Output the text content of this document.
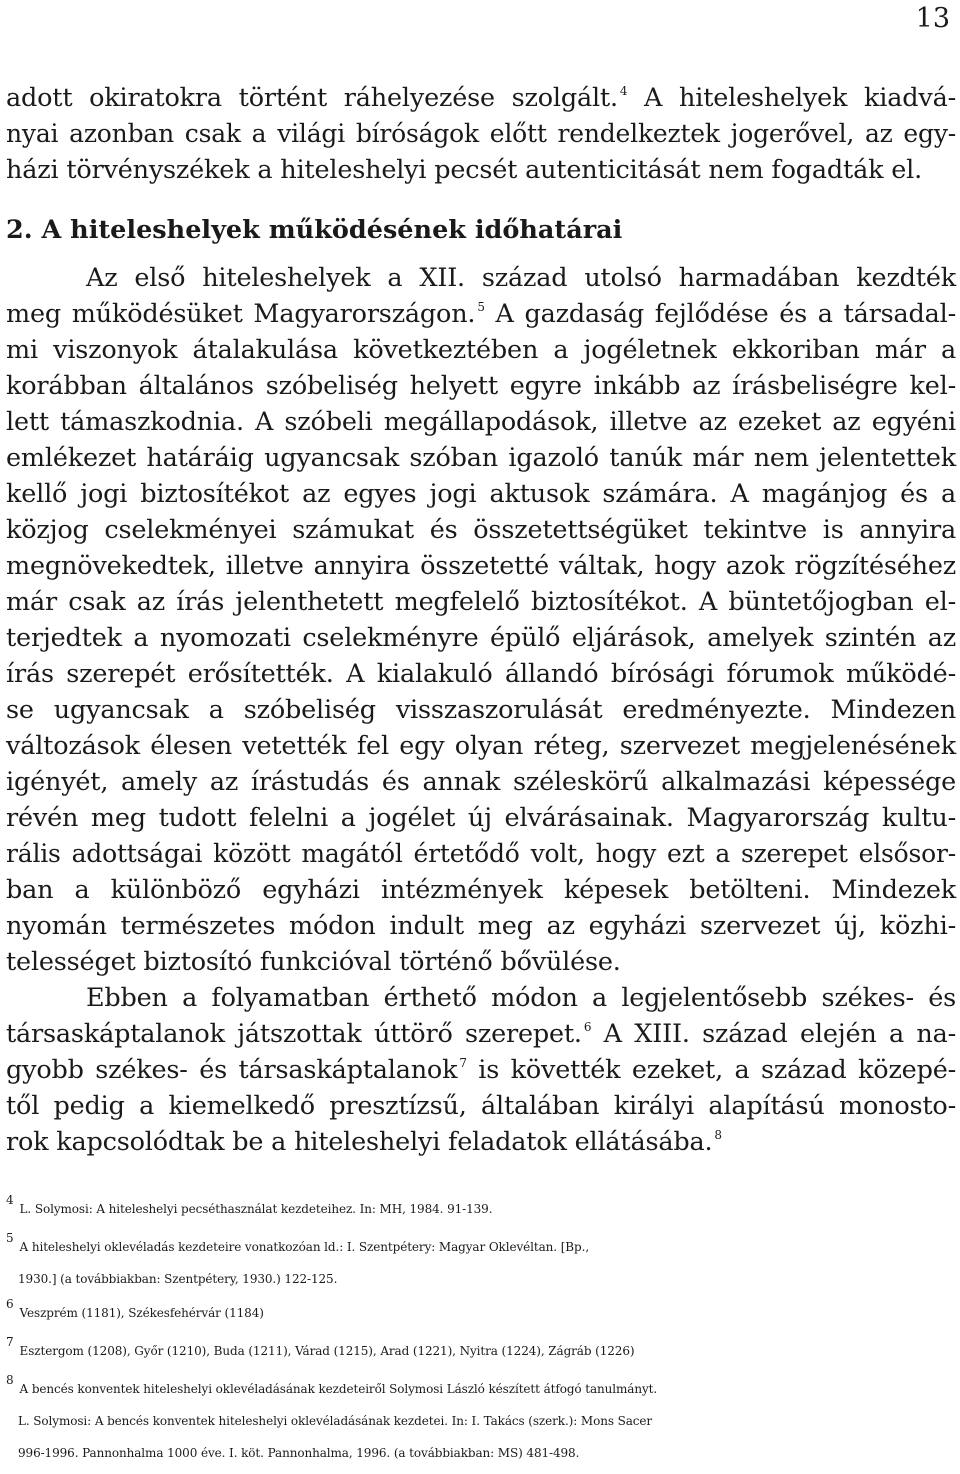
13
adott okiratokra történt ráhelyezése szolgált. $^4$ A hiteleshelyek kiadvá-
nyai azonban csak a világi bíróságok előtt rendelkeztek jogerővel, az egy-
házi törvényszékek a hiteleshelyi pecsét autenticitását nem fogadták el.
2. A hiteleshelyek működésének időhatárai
Az első hiteleshelyek a XII. század utolsó harmadában kezdték
meg működésüket Magyarországon. $^5$ A gazdaság fejlődése és a társadal-
mi viszonyok átalakulása következtében a jogéletnek ekkoriban már a
korábban általános szóbeliség helyett egyre inkább az írásbeliségre kel-
lett támaszkodnia. A szóbeli megállapodások, illetve az ezeket az egyéni
emlékezet határáig ugyancsak szóban igazoló tanúk már nem jelentettek
kellő jogi biztosítékot az egyes jogi aktusok számára. A magánjog és a
közjog cselekményei számukat és összetettségüket tekintve is annyira
megnövekedtek, illetve annyira összetetté váltak, hogy azok rögzítéséhez
már csak az írás jelenthetett megfelelő biztosítékot. A büntetőjogban el-
terjedtek a nyomozati cselekményre épülő eljárások, amelyek szintén az
írás szerepét erősítették. A kialakuló állandó bírósági fórumok működé-
se ugyancsak a szóbeliség visszaszorulását eredményezte. Mindezen
változások élesen vetették fel egy olyan réteg, szervezet megjelenésének
igényét, amely az írástudás és annak széleskörű alkalmazási képessége
révén meg tudott felelni a jogélet új elvárásainak. Magyarország kultu-
rális adottságai között magától értetődő volt, hogy ezt a szerepet elsősor-
ban a különböző egyházi intézmények képesek betölteni. Mindezek
nyomán természetes módon indult meg az egyházi szervezet új, közhi-
telességet biztosító funkcióval történő bővülése.
Ebben a folyamatban érthető módon a legjelentősebb székes- és
társaskáptalanok játszottak úttörő szerepet. $^6$ A XIII. század elején a na-
gyobb székes- és társaskáptalanok $^7$ is követték ezeket, a század közepé-
től pedig a kiemelkedő presztízsű, általában királyi alapítású monosto-
rok kapcsolódtak be a hiteleshelyi feladatok ellátásába. $^8$
4L. Solymosi: A hiteleshelyi pecséthasználat kezdeteihez. In: MH, 1984. 91-139.
5A hiteleshelyi oklevéladás kezdeteire vonatkozóan ld.: I. Szentpétery: Magyar Oklevéltan. [Bp.,
1930.] (a továbbiakban: Szentpétery, 1930.) 122-125.
6Veszprém (1181), Székesfehérvár (1184)
7Esztergom (1208), Győr (1210), Buda (1211), Várad (1215), Arad (1221), Nyitra (1224), Zágráb (1226)
8A bencés konventek hiteleshelyi oklevéladásának kezdeteiről Solymosi László készített átfogó tanulmányt.
L. Solymosi: A bencés konventek hiteleshelyi oklevéladásának kezdetei. In: I. Takács (szerk.): Mons Sacer
996-1996. Pannonhalma 1000 éve. I. köt. Pannonhalma, 1996. (a továbbiakban: MS) 481-498.
